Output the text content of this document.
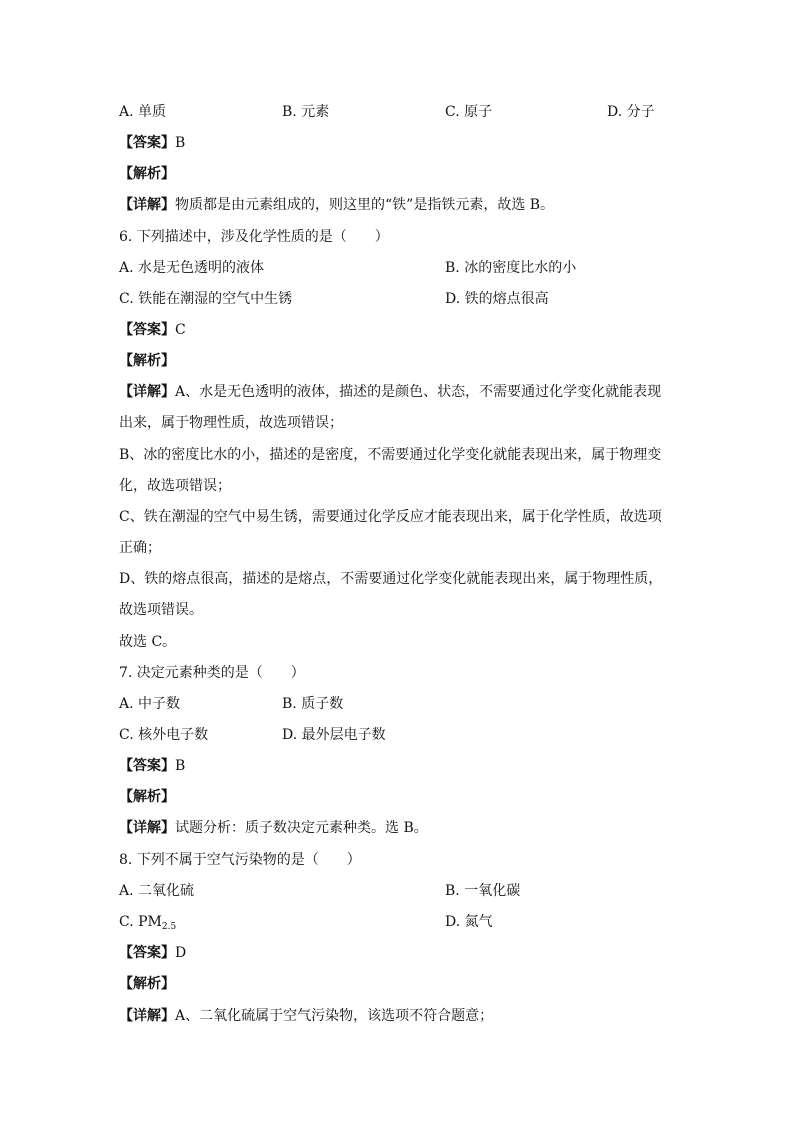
A. 单质	B. 元素	C. 原子	D. 分子
【答案】B
【解析】
【详解】物质都是由元素组成的，则这里的“铁”是指铁元素，故选 B。
6. 下列描述中，涉及化学性质的是（　　）
A. 水是无色透明的液体	B. 冰的密度比水的小
C. 铁能在潮湿的空气中生锈	D. 铁的熔点很高
【答案】C
【解析】
【详解】A、水是无色透明的液体，描述的是颜色、状态，不需要通过化学变化就能表现
出来，属于物理性质，故选项错误；
B、冰的密度比水的小，描述的是密度，不需要通过化学变化就能表现出来，属于物理变
化，故选项错误；
C、铁在潮湿的空气中易生锈，需要通过化学反应才能表现出来，属于化学性质，故选项
正确；
D、铁的熔点很高，描述的是熔点，不需要通过化学变化就能表现出来，属于物理性质，
故选项错误。
故选 C。
7. 决定元素种类的是（　　）
A. 中子数	B. 质子数
C. 核外电子数	D. 最外层电子数
【答案】B
【解析】
【详解】试题分析：质子数决定元素种类。选 B。
8. 下列不属于空气污染物的是（　　）
A. 二氧化硫	B. 一氧化碳
C. $PM_{2.5}$	D. 氮气
【答案】D
【解析】
【详解】A、二氧化硫属于空气污染物，该选项不符合题意；
